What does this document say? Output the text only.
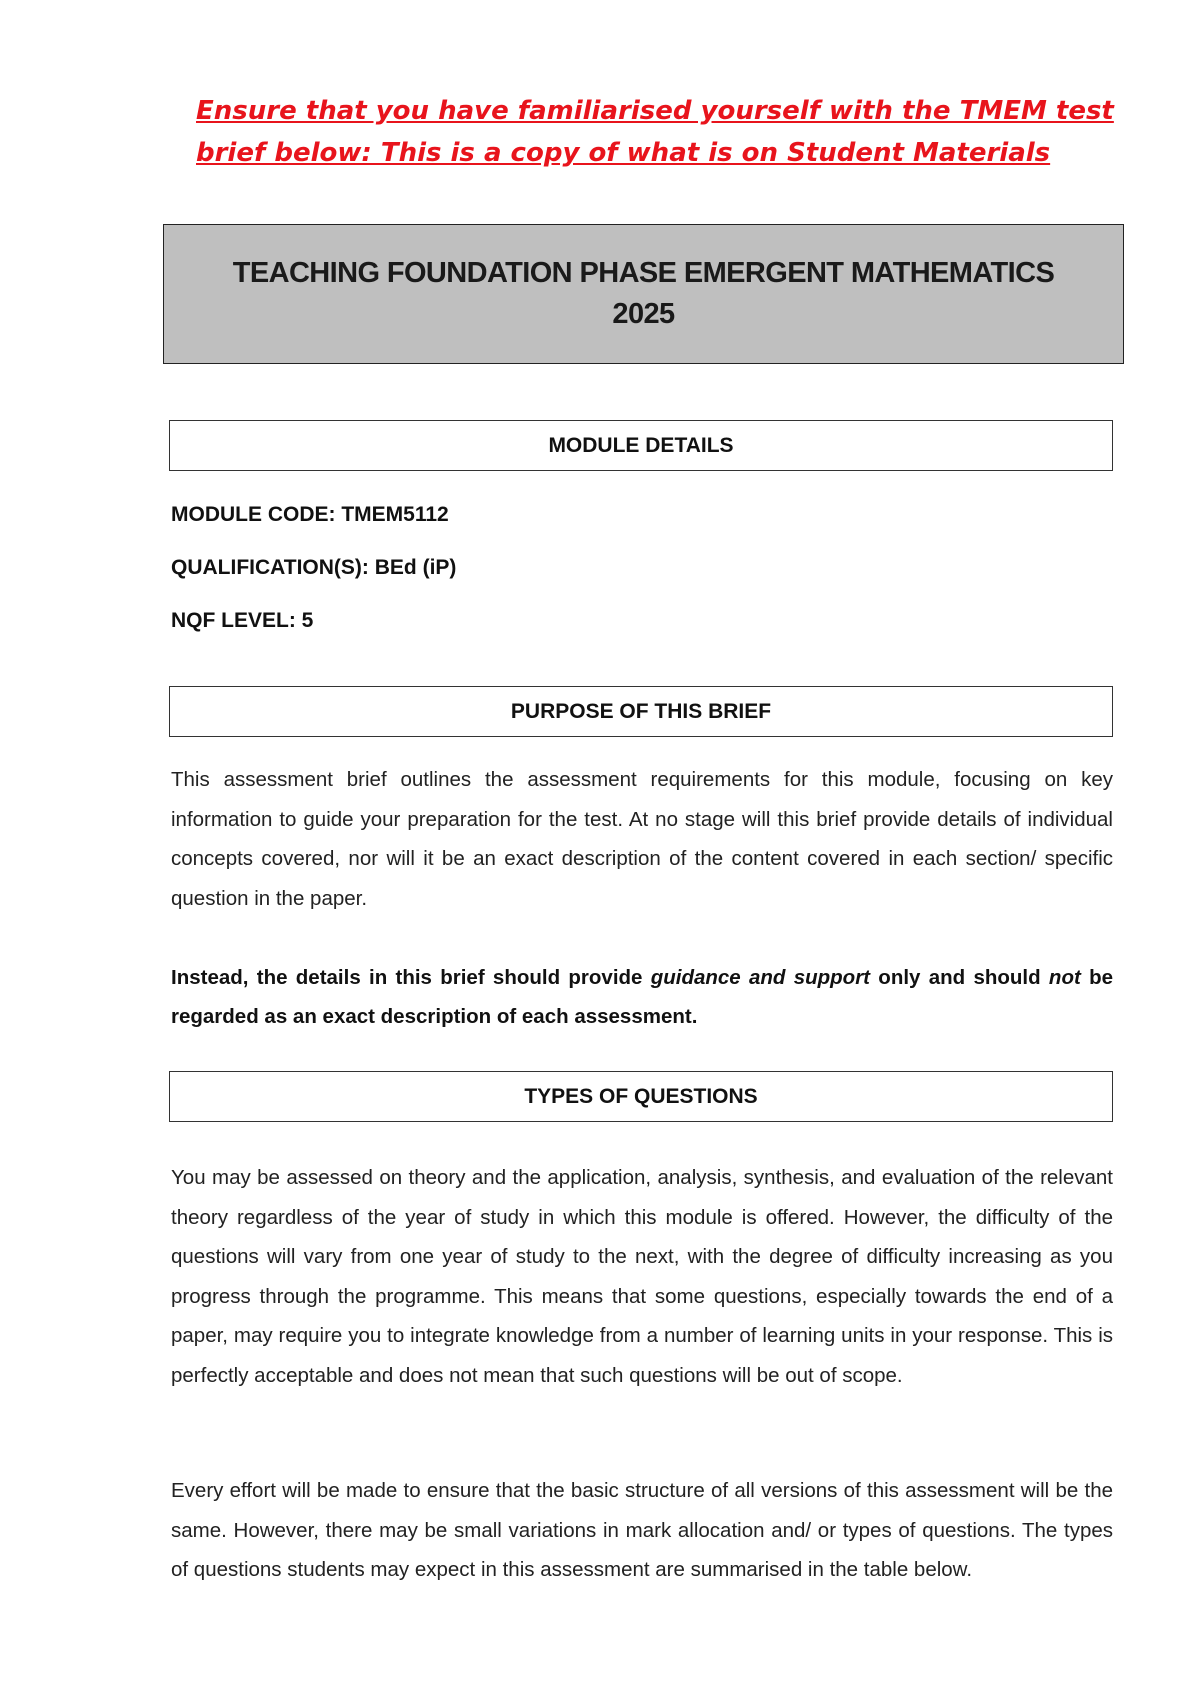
Ensure that you have familiarised yourself with the TMEM test brief below: This is a copy of what is on Student Materials
TEACHING FOUNDATION PHASE EMERGENT MATHEMATICS
2025
MODULE DETAILS
MODULE CODE: TMEM5112
QUALIFICATION(S): BEd (iP)
NQF LEVEL: 5
PURPOSE OF THIS BRIEF
This assessment brief outlines the assessment requirements for this module, focusing on key information to guide your preparation for the test. At no stage will this brief provide details of individual concepts covered, nor will it be an exact description of the content covered in each section/ specific question in the paper.
Instead, the details in this brief should provide guidance and support only and should not be regarded as an exact description of each assessment.
TYPES OF QUESTIONS
You may be assessed on theory and the application, analysis, synthesis, and evaluation of the relevant theory regardless of the year of study in which this module is offered. However, the difficulty of the questions will vary from one year of study to the next, with the degree of difficulty increasing as you progress through the programme. This means that some questions, especially towards the end of a paper, may require you to integrate knowledge from a number of learning units in your response. This is perfectly acceptable and does not mean that such questions will be out of scope.
Every effort will be made to ensure that the basic structure of all versions of this assessment will be the same. However, there may be small variations in mark allocation and/ or types of questions. The types of questions students may expect in this assessment are summarised in the table below.
